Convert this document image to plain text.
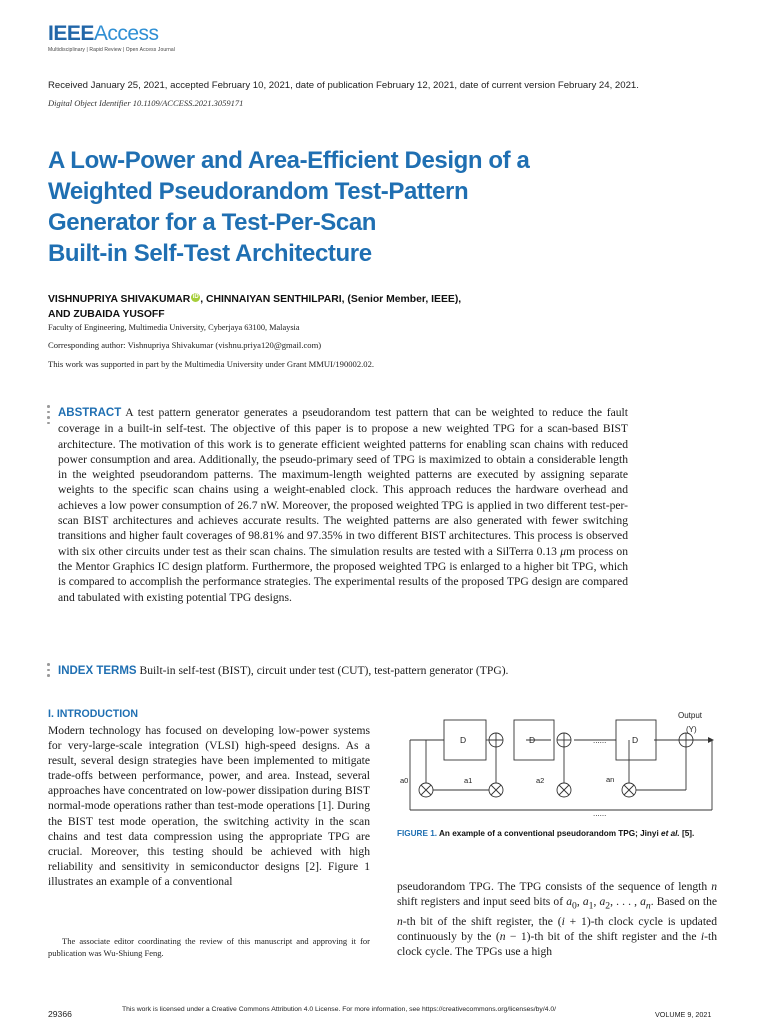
IEEEAccess
Multidisciplinary | Rapid Review | Open Access Journal
Received January 25, 2021, accepted February 10, 2021, date of publication February 12, 2021, date of current version February 24, 2021.
Digital Object Identifier 10.1109/ACCESS.2021.3059171
A Low-Power and Area-Efficient Design of a
Weighted Pseudorandom Test-Pattern
Generator for a Test-Per-Scan
Built-in Self-Test Architecture
VISHNUPRIYA SHIVAKUMAR iD , CHINNAIYAN SENTHILPARI, (Senior Member, IEEE),
AND ZUBAIDA YUSOFF
Faculty of Engineering, Multimedia University, Cyberjaya 63100, Malaysia
Corresponding author: Vishnupriya Shivakumar (vishnu.priya120@gmail.com)
This work was supported in part by the Multimedia University under Grant MMUI/190002.02.
ABSTRACT A test pattern generator generates a pseudorandom test pattern that can be weighted to reduce the fault coverage in a built-in self-test. The objective of this paper is to propose a new weighted TPG for a scan-based BIST architecture. The motivation of this work is to generate efficient weighted patterns for enabling scan chains with reduced power consumption and area. Additionally, the pseudo-primary seed of TPG is maximized to obtain a considerable length in the weighted pseudorandom patterns. The maximum-length weighted patterns are executed by assigning separate weights to the specific scan chains using a weight-enabled clock. This approach reduces the hardware overhead and achieves a low power consumption of 26.7 nW. Moreover, the proposed weighted TPG is applied in two different test-per-scan BIST architectures and achieves accurate results. The weighted patterns are also generated with fewer switching transitions and higher fault coverages of 98.81% and 97.35% in two different BIST architectures. This process is observed with six other circuits under test as their scan chains. The simulation results are tested with a SilTerra 0.13 μm process on the Mentor Graphics IC design platform. Furthermore, the proposed weighted TPG is enlarged to a higher bit TPG, which is compared to accomplish the performance strategies. The experimental results of the proposed TPG design are compared and tabulated with existing potential TPG designs.
INDEX TERMS Built-in self-test (BIST), circuit under test (CUT), test-pattern generator (TPG).
I. INTRODUCTION
Modern technology has focused on developing low-power systems for very-large-scale integration (VLSI) high-speed designs. As a result, several design strategies have been implemented to mitigate trade-offs between performance, power, and area. Instead, several approaches have concentrated on low-power dissipation during BIST normal-mode operations rather than test-mode operations [1]. During the BIST test mode operation, the switching activity in the scan chains and test data compression using the appropriate TPG are crucial. Moreover, this testing should be achieved with high reliability and sensitivity in semiconductor designs [2]. Figure 1 illustrates an example of a conventional
The associate editor coordinating the review of this manuscript and approving it for publication was Wu-Shiung Feng.
D	D	D
a0	a1	a2	an
......
......
Output
(Y)
FIGURE 1. An example of a conventional pseudorandom TPG; Jinyi et al. [5].
pseudorandom TPG. The TPG consists of the sequence of length n shift registers and input seed bits of $a_0$, $a_1$, $a_2$, . . . , $a_n$. Based on the n-th bit of the shift register, the (i + 1)-th clock cycle is updated continuously by the (n − 1)-th bit of the shift register and the i-th clock cycle. The TPGs use a high
29366	This work is licensed under a Creative Commons Attribution 4.0 License. For more information, see https://creativecommons.org/licenses/by/4.0/
VOLUME 9, 2021
